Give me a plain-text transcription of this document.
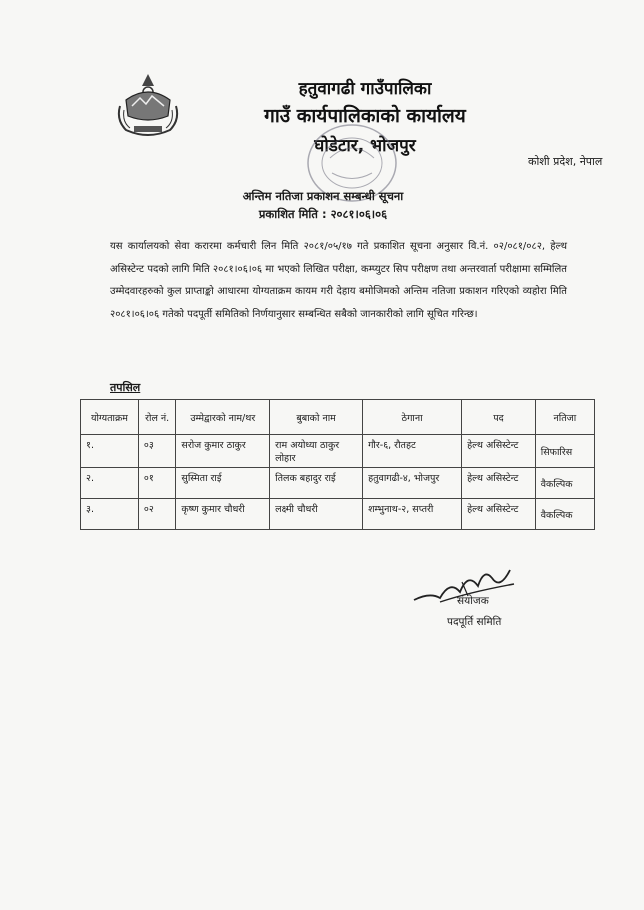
हतुवागढी गाउँपालिका
गाउँ कार्यपालिकाको कार्यालय
घोडेटार, भोजपुर
कोशी प्रदेश, नेपाल
अन्तिम नतिजा प्रकाशन सम्बन्धी सूचना
प्रकाशित मिति : २०८१।०६।०६
यस कार्यालयको सेवा करारमा कर्मचारी लिन मिति २०८१/०५/१७ गते प्रकाशित सूचना अनुसार वि.नं. ०२/०८१/०८२, हेल्थ असिस्टेन्ट पदको लागि मिति २०८१।०६।०६ मा भएको लिखित परीक्षा, कम्प्युटर सिप परीक्षण तथा अन्तरवार्ता परीक्षामा सम्मिलित उम्मेदवारहरुको कुल प्राप्ताङ्को आधारमा योग्यताक्रम कायम गरी देहाय बमोजिमको अन्तिम नतिजा प्रकाशन गरिएको व्यहोरा मिति २०८१।०६।०६ गतेको पदपूर्ती समितिको निर्णयानुसार सम्बन्धित सबैको जानकारीको लागि सूचित गरिन्छ।
तपसिल
योग्यताक्रम	रोल नं.	उम्मेद्वारको नाम/थर	बुबाको नाम	ठेगाना	पद	नतिजा
१.	०३	सरोज कुमार ठाकुर	राम अयोध्या ठाकुर लोहार	गौर-६, रौतहट	हेल्थ असिस्टेन्ट	सिफारिस
२.	०१	सुस्मिता राई	तिलक बहादुर राई	हतुवागढी-४, भोजपुर	हेल्थ असिस्टेन्ट	वैकल्पिक
३.	०२	कृष्ण कुमार चौधरी	लक्ष्मी चौधरी	शम्भुनाथ-२, सप्तरी	हेल्थ असिस्टेन्ट	वैकल्पिक
संयोजक
पदपूर्ति समिति
